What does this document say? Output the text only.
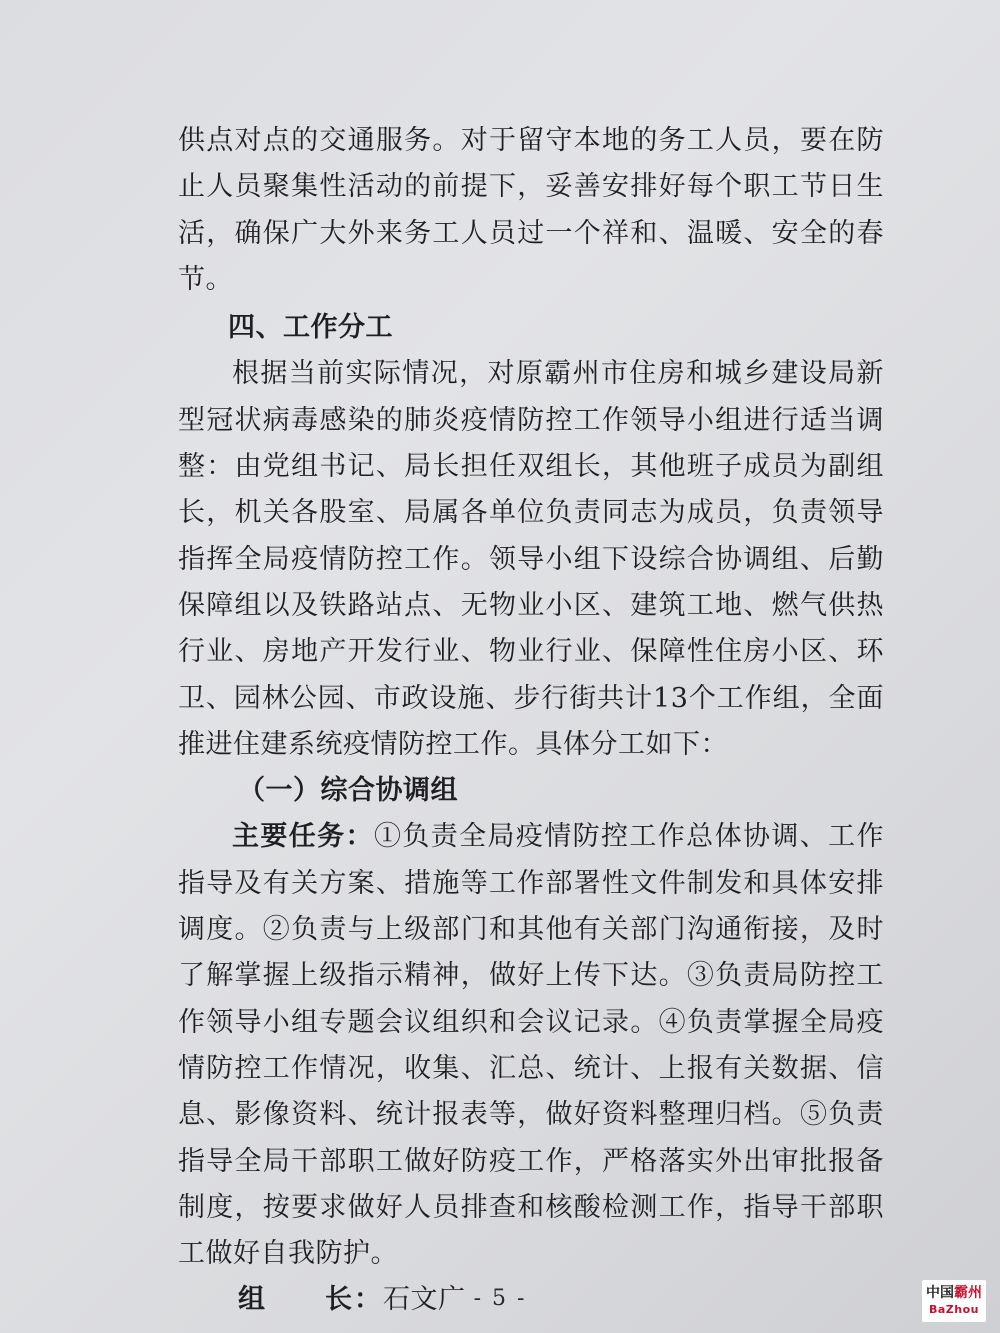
供点对点的交通服务。对于留守本地的务工人员，要在防止人员聚集性活动的前提下，妥善安排好每个职工节日生活，确保广大外来务工人员过一个祥和、温暖、安全的春节。

四、工作分工

根据当前实际情况，对原霸州市住房和城乡建设局新型冠状病毒感染的肺炎疫情防控工作领导小组进行适当调整：由党组书记、局长担任双组长，其他班子成员为副组长，机关各股室、局属各单位负责同志为成员，负责领导指挥全局疫情防控工作。领导小组下设综合协调组、后勤保障组以及铁路站点、无物业小区、建筑工地、燃气供热行业、房地产开发行业、物业行业、保障性住房小区、环卫、园林公园、市政设施、步行街共计13个工作组，全面推进住建系统疫情防控工作。具体分工如下：

（一）综合协调组

主要任务：①负责全局疫情防控工作总体协调、工作指导及有关方案、措施等工作部署性文件制发和具体安排调度。②负责与上级部门和其他有关部门沟通衔接，及时了解掌握上级指示精神，做好上传下达。③负责局防控工作领导小组专题会议组织和会议记录。④负责掌握全局疫情防控工作情况，收集、汇总、统计、上报有关数据、信息、影像资料、统计报表等，做好资料整理归档。⑤负责指导全局干部职工做好防疫工作，严格落实外出审批报备制度，按要求做好人员排查和核酸检测工作，指导干部职工做好自我防护。

组　　长：石文广 - 5 -	中国霸州
BaZhou
